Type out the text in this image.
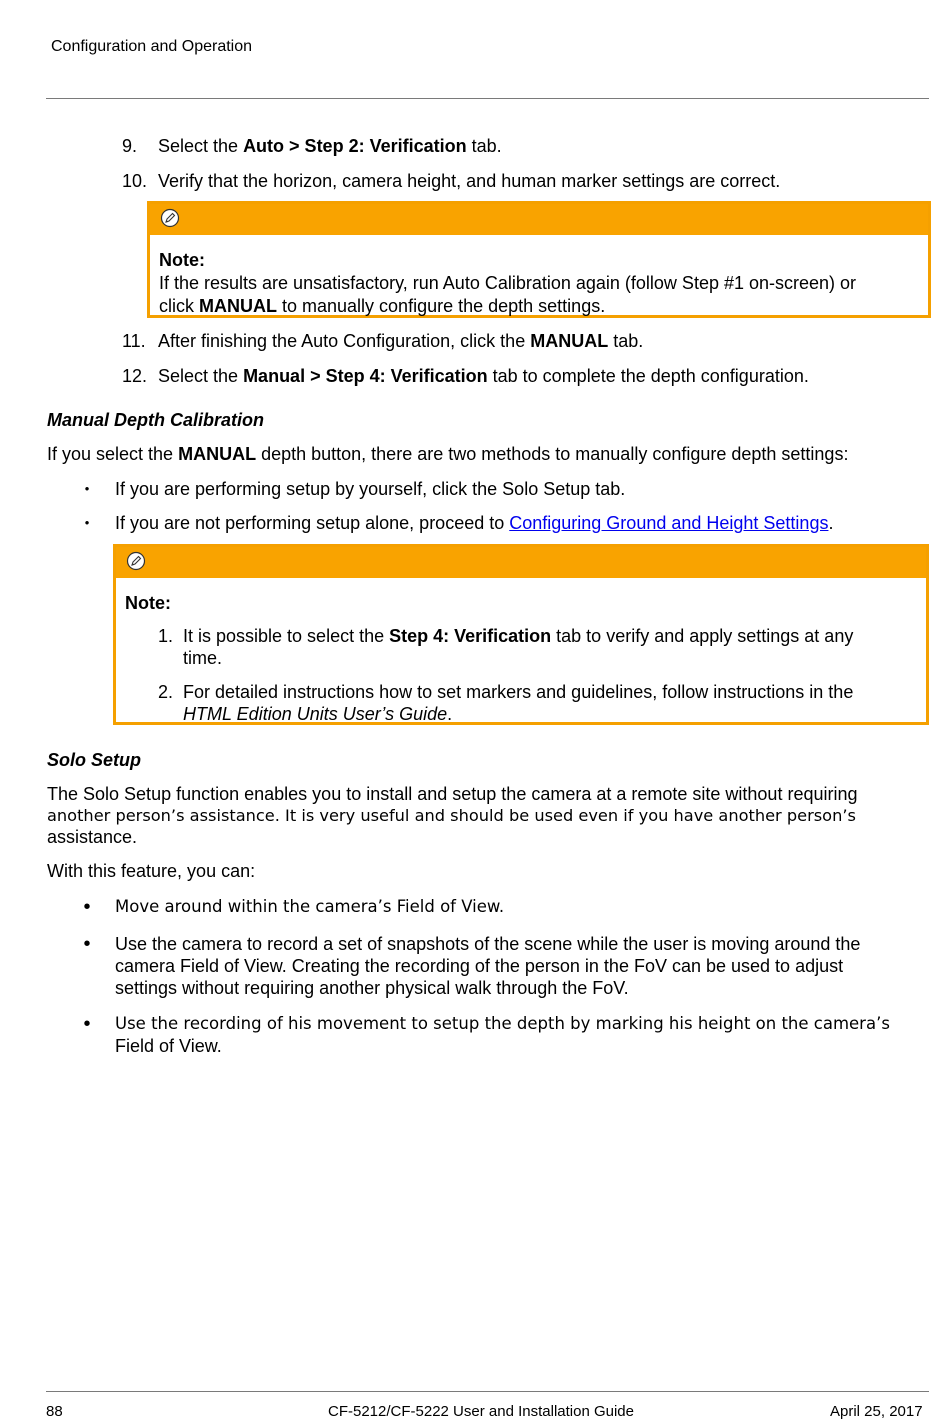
Configuration and Operation
9.	Select the Auto > Step 2: Verification tab.
10. Verify that the horizon, camera height, and human marker settings are correct.
Note:
If the results are unsatisfactory, run Auto Calibration again (follow Step #1 on-screen) or
click MANUAL to manually configure the depth settings.
11. After finishing the Auto Configuration, click the MANUAL tab.
12. Select the Manual > Step 4: Verification tab to complete the depth configuration.
Manual Depth Calibration
If you select the MANUAL depth button, there are two methods to manually configure depth settings:
• If you are performing setup by yourself, click the Solo Setup tab.
• If you are not performing setup alone, proceed to Configuring Ground and Height Settings.
Note:
1. It is possible to select the Step 4: Verification tab to verify and apply settings at any
time.
2. For detailed instructions how to set markers and guidelines, follow instructions in the
HTML Edition Units User’s Guide.
Solo Setup
The Solo Setup function enables you to install and setup the camera at a remote site without requiring
another person’s assistance. It is very useful and should be used even if you have another person’s
assistance.
With this feature, you can:
• Move around within the camera’s Field of View.
• Use the camera to record a set of snapshots of the scene while the user is moving around the
camera Field of View. Creating the recording of the person in the FoV can be used to adjust
settings without requiring another physical walk through the FoV.
• Use the recording of his movement to setup the depth by marking his height on the camera’s
Field of View.
88	CF-5212/CF-5222 User and Installation Guide	April 25, 2017
